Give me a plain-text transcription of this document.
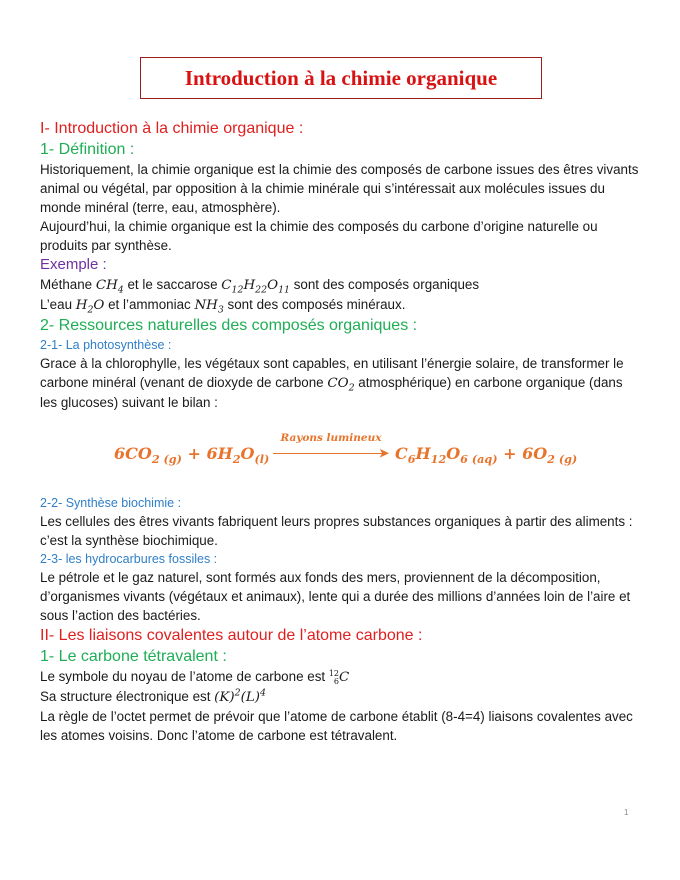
Introduction à la chimie organique

I- Introduction à la chimie organique :

1- Définition :

Historiquement, la chimie organique est la chimie des composés de carbone issues des êtres vivants animal ou végétal, par opposition à la chimie minérale qui s’intéressait aux molécules issues du monde minéral (terre, eau, atmosphère).

Aujourd’hui, la chimie organique est la chimie des composés du carbone d’origine naturelle ou produits par synthèse.

Exemple :

Méthane $CH_4$ et le saccarose $C_{12}H_{22}O_{11}$ sont des composés organiques

L’eau $H_2O$ et l’ammoniac $NH_3$ sont des composés minéraux.

2- Ressources naturelles des composés organiques :

2-1- La photosynthèse :

Grace à la chlorophylle, les végétaux sont capables, en utilisant l’énergie solaire, de transformer le carbone minéral (venant de dioxyde de carbone $CO_2$ atmosphérique) en carbone organique (dans les glucoses) suivant le bilan :

$6CO_{2 (g)} + 6H_2O_{(l)}$
Rayons lumineux
➤ $C_6H_{12}O_{6 (aq)} + 6O_{2 (g)}$

2-2- Synthèse biochimie :

Les cellules des êtres vivants fabriquent leurs propres substances organiques à partir des aliments : c’est la synthèse biochimique.

2-3- les hydrocarbures fossiles :

Le pétrole et le gaz naturel, sont formés aux fonds des mers, proviennent de la décomposition, d’organismes vivants (végétaux et animaux), lente qui a durée des millions d’années loin de l’aire et sous l’action des bactéries.

II- Les liaisons covalentes autour de l’atome carbone :

1- Le carbone tétravalent :

Le symbole du noyau de l’atome de carbone est 12
6C

Sa structure électronique est $(K)^2(L)^4$

La règle de l’octet permet de prévoir que l’atome de carbone établit (8-4=4) liaisons covalentes avec les atomes voisins. Donc l’atome de carbone est tétravalent.

1
